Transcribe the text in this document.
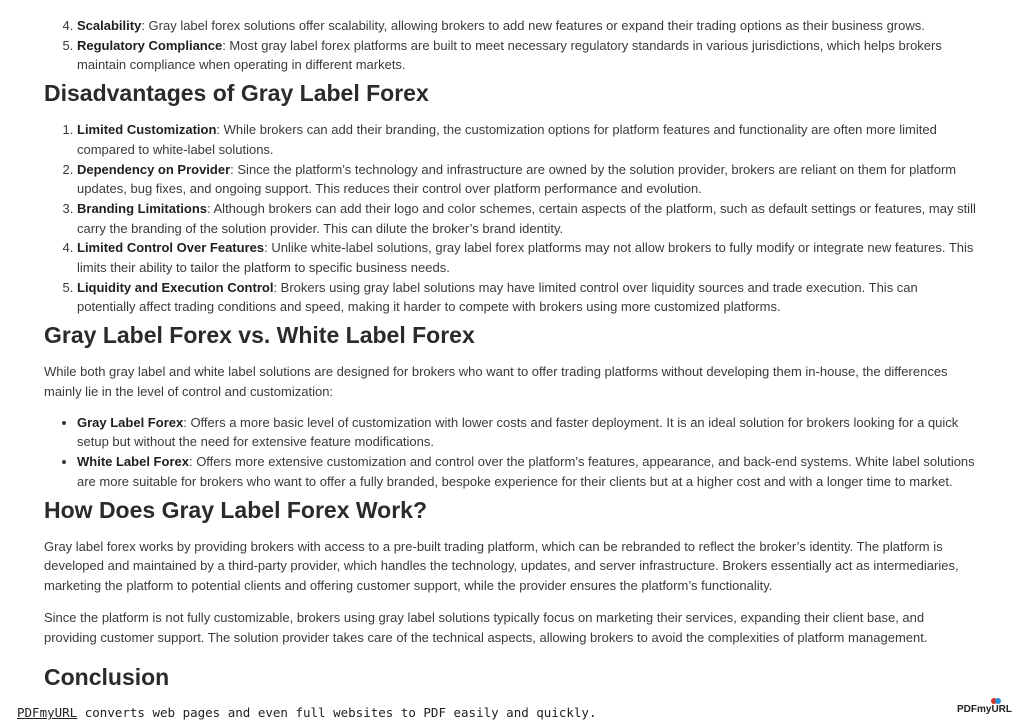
4. Scalability: Gray label forex solutions offer scalability, allowing brokers to add new features or expand their trading options as their business grows.
5. Regulatory Compliance: Most gray label forex platforms are built to meet necessary regulatory standards in various jurisdictions, which helps brokers maintain compliance when operating in different markets.
Disadvantages of Gray Label Forex
1. Limited Customization: While brokers can add their branding, the customization options for platform features and functionality are often more limited compared to white-label solutions.
2. Dependency on Provider: Since the platform’s technology and infrastructure are owned by the solution provider, brokers are reliant on them for platform updates, bug fixes, and ongoing support. This reduces their control over platform performance and evolution.
3. Branding Limitations: Although brokers can add their logo and color schemes, certain aspects of the platform, such as default settings or features, may still carry the branding of the solution provider. This can dilute the broker’s brand identity.
4. Limited Control Over Features: Unlike white-label solutions, gray label forex platforms may not allow brokers to fully modify or integrate new features. This limits their ability to tailor the platform to specific business needs.
5. Liquidity and Execution Control: Brokers using gray label solutions may have limited control over liquidity sources and trade execution. This can potentially affect trading conditions and speed, making it harder to compete with brokers using more customized platforms.
Gray Label Forex vs. White Label Forex

While both gray label and white label solutions are designed for brokers who want to offer trading platforms without developing them in-house, the differences mainly lie in the level of control and customization:

• Gray Label Forex: Offers a more basic level of customization with lower costs and faster deployment. It is an ideal solution for brokers looking for a quick setup but without the need for extensive feature modifications.
• White Label Forex: Offers more extensive customization and control over the platform’s features, appearance, and back-end systems. White label solutions are more suitable for brokers who want to offer a fully branded, bespoke experience for their clients but at a higher cost and with a longer time to market.
How Does Gray Label Forex Work?

Gray label forex works by providing brokers with access to a pre-built trading platform, which can be rebranded to reflect the broker’s identity. The platform is developed and maintained by a third-party provider, which handles the technology, updates, and server infrastructure. Brokers essentially act as intermediaries, marketing the platform to potential clients and offering customer support, while the provider ensures the platform’s functionality.

Since the platform is not fully customizable, brokers using gray label solutions typically focus on marketing their services, expanding their client base, and providing customer support. The solution provider takes care of the technical aspects, allowing brokers to avoid the complexities of platform management.

Conclusion
PDFmyURL converts web pages and even full websites to PDF easily and quickly.	PDFmyURL
